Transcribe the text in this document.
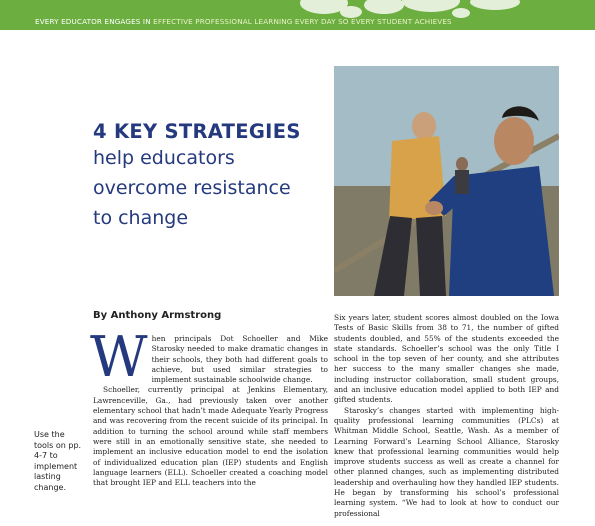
EVERY EDUCATOR ENGAGES IN EFFECTIVE PROFESSIONAL LEARNING EVERY DAY SO EVERY STUDENT ACHIEVES
4 KEY STRATEGIES
help educators
overcome resistance
to change
By Anthony Armstrong

When principals Dot Schoeller and Mike Starosky needed to make dramatic changes in their schools, they both had different goals to achieve, but used similar strategies to implement sustainable schoolwide change.

Schoeller, currently principal at Jenkins Elementary, Lawrenceville, Ga., had previously taken over another elementary school that hadn’t made Adequate Yearly Progress and was recovering from the recent suicide of its principal. In addition to turning the school around while staff members were still in an emotionally sensitive state, she needed to implement an inclusive education model to end the isolation of individualized education plan (IEP) students and English language learners (ELL). Schoeller created a coaching model that brought IEP and ELL teachers into the

Six years later, student scores almost doubled on the Iowa Tests of Basic Skills from 38 to 71, the number of gifted students doubled, and 55% of the students exceeded the state standards. Schoeller’s school was the only Title I school in the top seven of her county, and she attributes her success to the many smaller changes she made, including instructor collaboration, small student groups, and an inclusive education model applied to both IEP and gifted students.

Starosky’s changes started with implementing high-quality professional learning communities (PLCs) at Whitman Middle School, Seattle, Wash. As a member of Learning Forward’s Learning School Alliance, Starosky knew that professional learning communities would help improve students success as well as create a channel for other planned changes, such as implementing distributed leadership and overhauling how they handled IEP students. He began by transforming his school’s professional learning system. “We had to look at how to conduct our professional

Use the tools on pp. 4-7 to implement lasting change.
